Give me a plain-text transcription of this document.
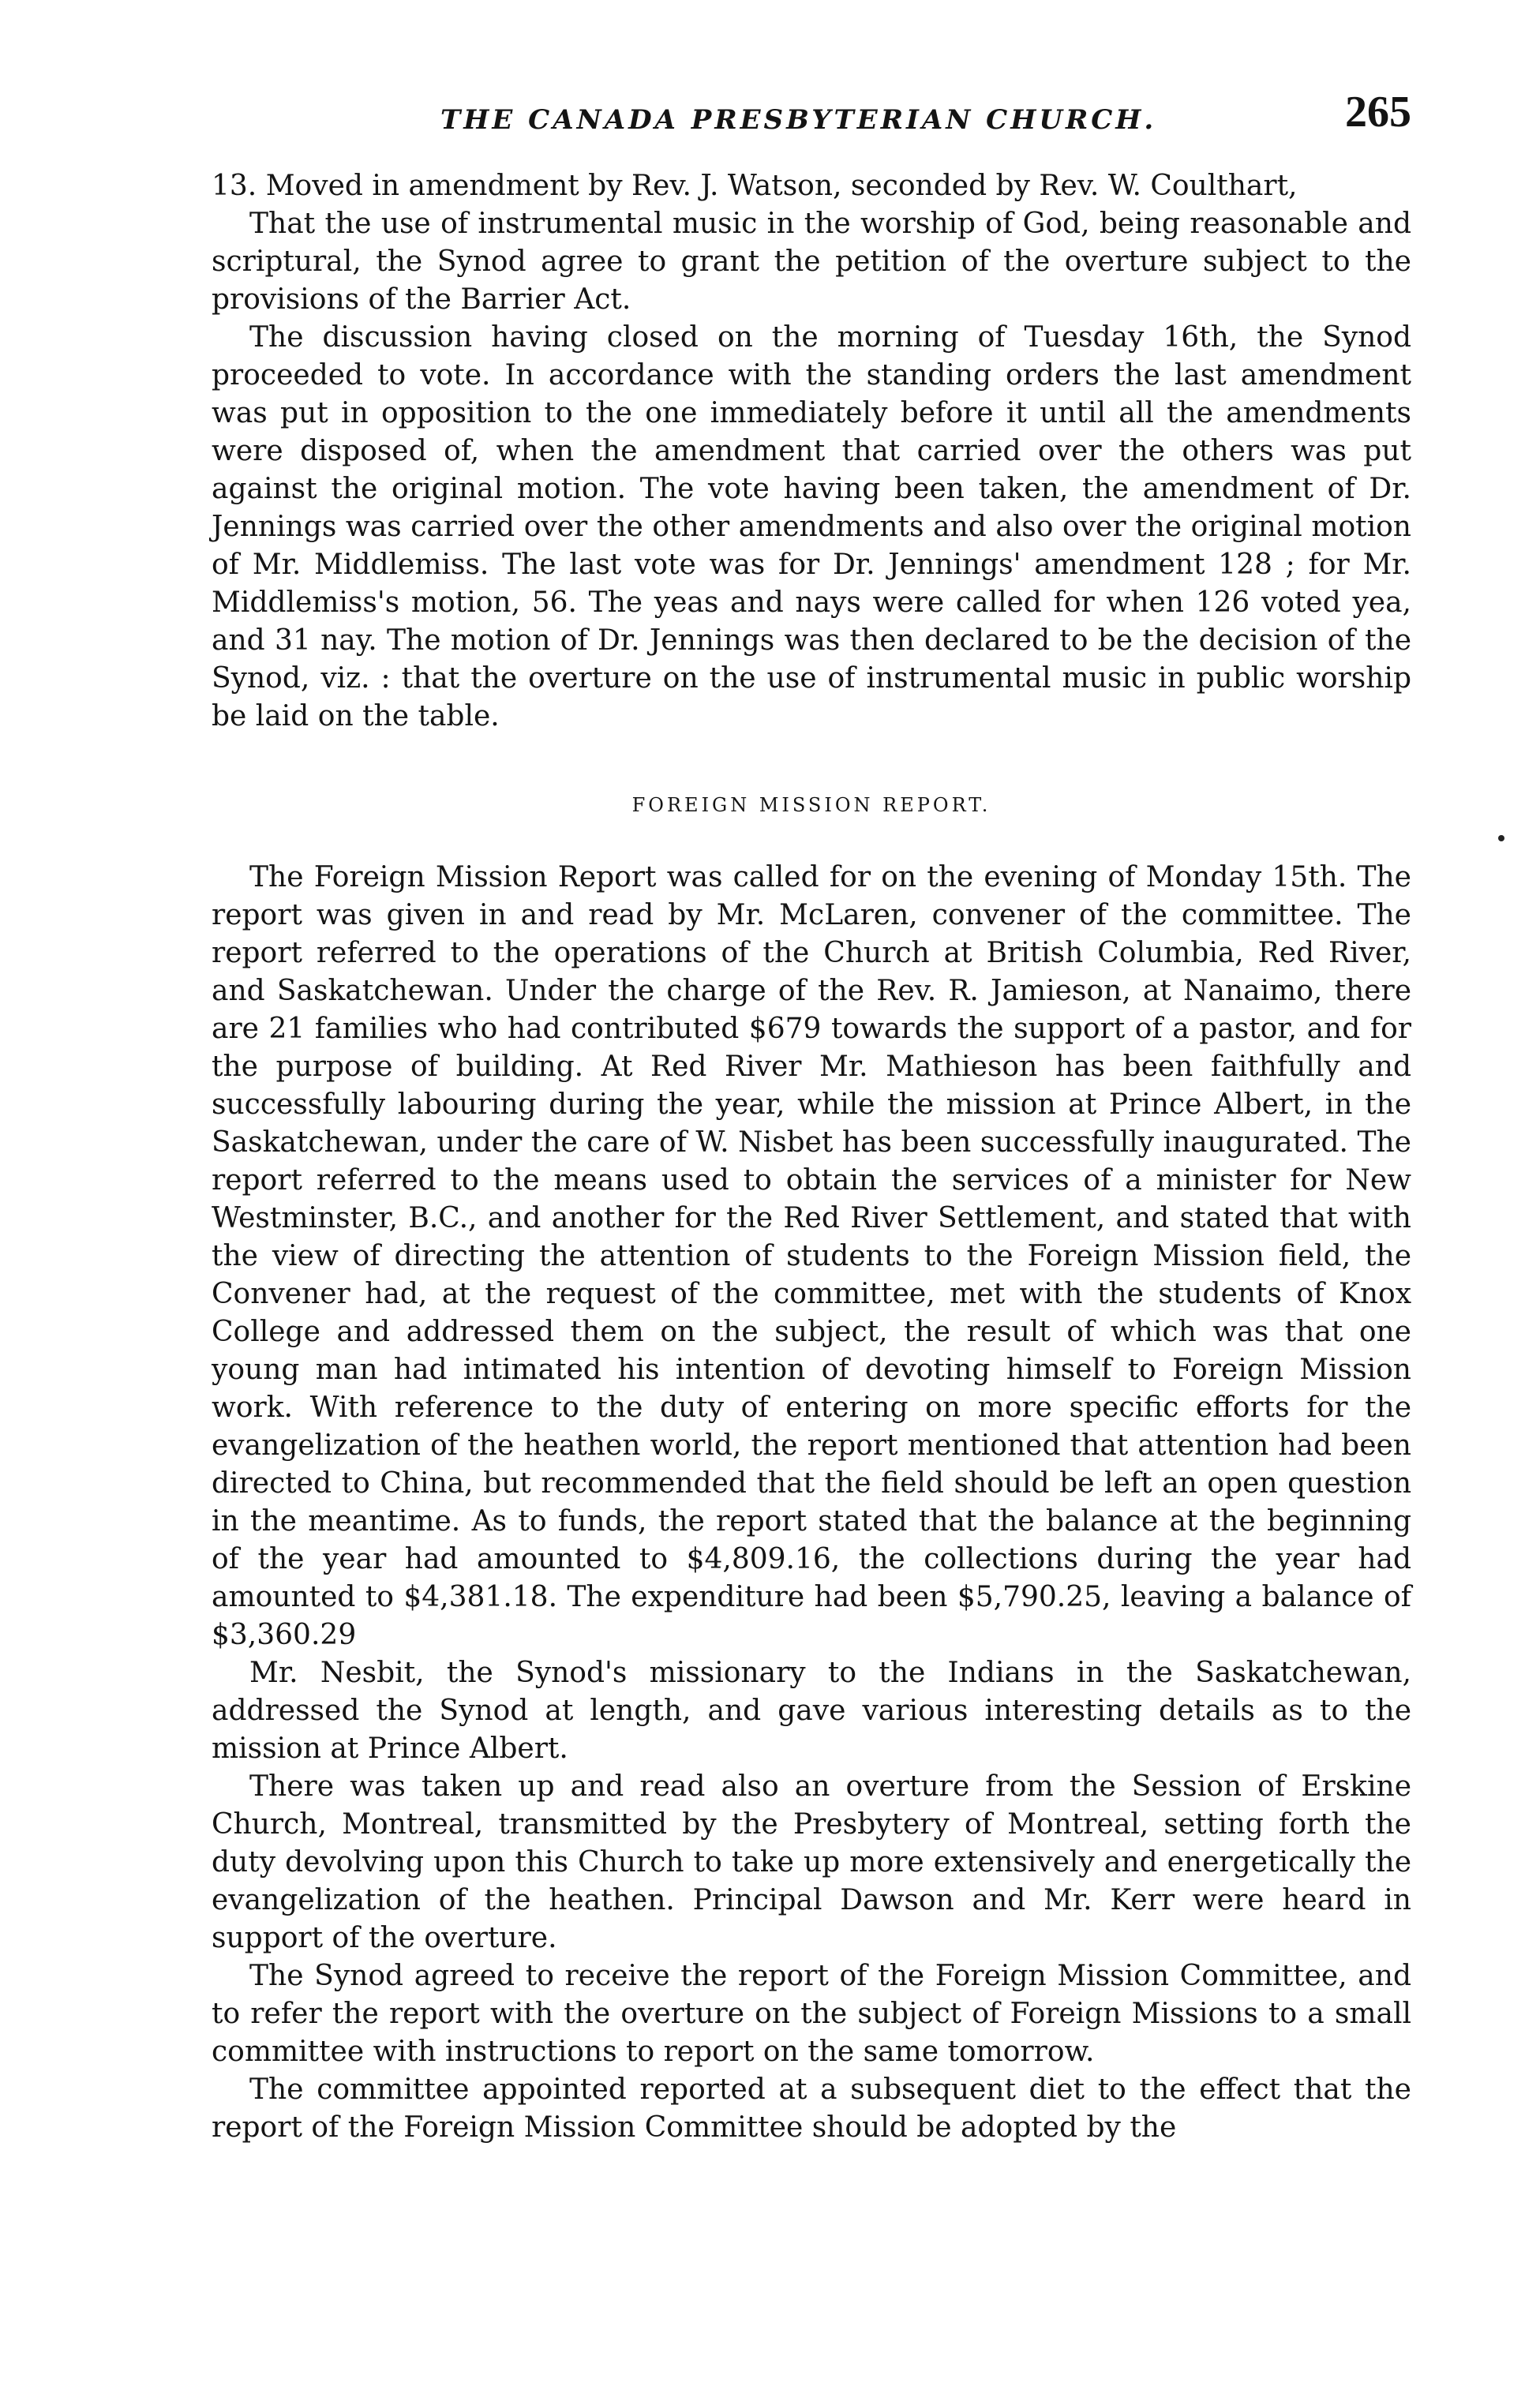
THE CANADA PRESBYTERIAN CHURCH.	265

13. Moved in amendment by Rev. J. Watson, seconded by Rev. W. Coulthart,

That the use of instrumental music in the worship of God, being reasonable and scriptural, the Synod agree to grant the petition of the overture subject to the provisions of the Barrier Act.

The discussion having closed on the morning of Tuesday 16th, the Synod proceeded to vote. In accordance with the standing orders the last amendment was put in opposition to the one immediately before it until all the amendments were disposed of, when the amendment that carried over the others was put against the original motion. The vote having been taken, the amendment of Dr. Jennings was carried over the other amendments and also over the original motion of Mr. Middlemiss. The last vote was for Dr. Jennings' amendment 128 ; for Mr. Middlemiss's motion, 56. The yeas and nays were called for when 126 voted yea, and 31 nay. The motion of Dr. Jennings was then declared to be the decision of the Synod, viz. : that the overture on the use of instrumental music in public worship be laid on the table.

FOREIGN MISSION REPORT.

The Foreign Mission Report was called for on the evening of Monday 15th. The report was given in and read by Mr. McLaren, convener of the committee. The report referred to the operations of the Church at British Columbia, Red River, and Saskatchewan. Under the charge of the Rev. R. Jamieson, at Nanaimo, there are 21 families who had contributed $679 towards the support of a pastor, and for the purpose of building. At Red River Mr. Mathieson has been faithfully and successfully labouring during the year, while the mission at Prince Albert, in the Saskatchewan, under the care of W. Nisbet has been successfully inaugurated. The report referred to the means used to obtain the services of a minister for New Westminster, B.C., and another for the Red River Settlement, and stated that with the view of directing the attention of students to the Foreign Mission field, the Convener had, at the request of the committee, met with the students of Knox College and addressed them on the subject, the result of which was that one young man had intimated his intention of devoting himself to Foreign Mission work. With reference to the duty of entering on more specific efforts for the evangelization of the heathen world, the report mentioned that attention had been directed to China, but recommended that the field should be left an open question in the meantime. As to funds, the report stated that the balance at the beginning of the year had amounted to $4,809.16, the collections during the year had amounted to $4,381.18. The expenditure had been $5,790.25, leaving a balance of $3,360.29

Mr. Nesbit, the Synod's missionary to the Indians in the Saskatchewan, addressed the Synod at length, and gave various interesting details as to the mission at Prince Albert.

There was taken up and read also an overture from the Session of Erskine Church, Montreal, transmitted by the Presbytery of Montreal, setting forth the duty devolving upon this Church to take up more extensively and energetically the evangelization of the heathen. Principal Dawson and Mr. Kerr were heard in support of the overture.

The Synod agreed to receive the report of the Foreign Mission Committee, and to refer the report with the overture on the subject of Foreign Missions to a small committee with instructions to report on the same tomorrow.

The committee appointed reported at a subsequent diet to the effect that the report of the Foreign Mission Committee should be adopted by the
